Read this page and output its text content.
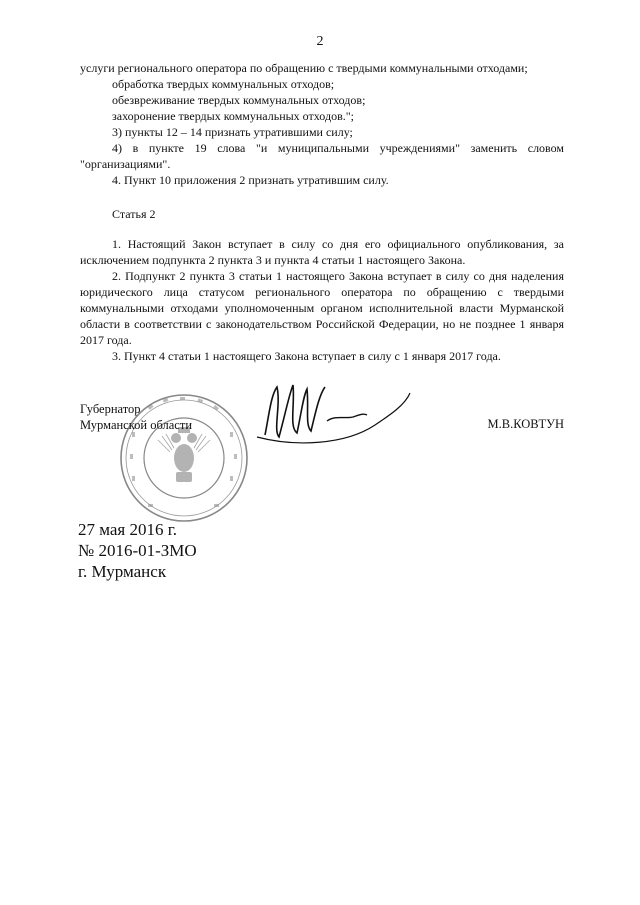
2

услуги регионального оператора по обращению с твердыми коммунальными отходами;

обработка твердых коммунальных отходов;

обезвреживание твердых коммунальных отходов;

захоронение твердых коммунальных отходов.";

3) пункты 12 – 14 признать утратившими силу;

4) в пункте 19 слова "и муниципальными учреждениями" заменить словом "организациями".

4. Пункт 10 приложения 2 признать утратившим силу.

Статья 2

1. Настоящий Закон вступает в силу со дня его официального опубликования, за исключением подпункта 2 пункта 3 и пункта 4 статьи 1 настоящего Закона.

2. Подпункт 2 пункта 3 статьи 1 настоящего Закона вступает в силу со дня наделения юридического лица статусом регионального оператора по обращению с твердыми коммунальными отходами уполномоченным органом исполнительной власти Мурманской области в соответствии с законодательством Российской Федерации, но не позднее 1 января 2017 года.

3. Пункт 4 статьи 1 настоящего Закона вступает в силу с 1 января 2017 года.

Губернатор
Мурманской области	М.В.КОВТУН
27 мая 2016 г.
№ 2016-01-ЗМО
г. Мурманск
